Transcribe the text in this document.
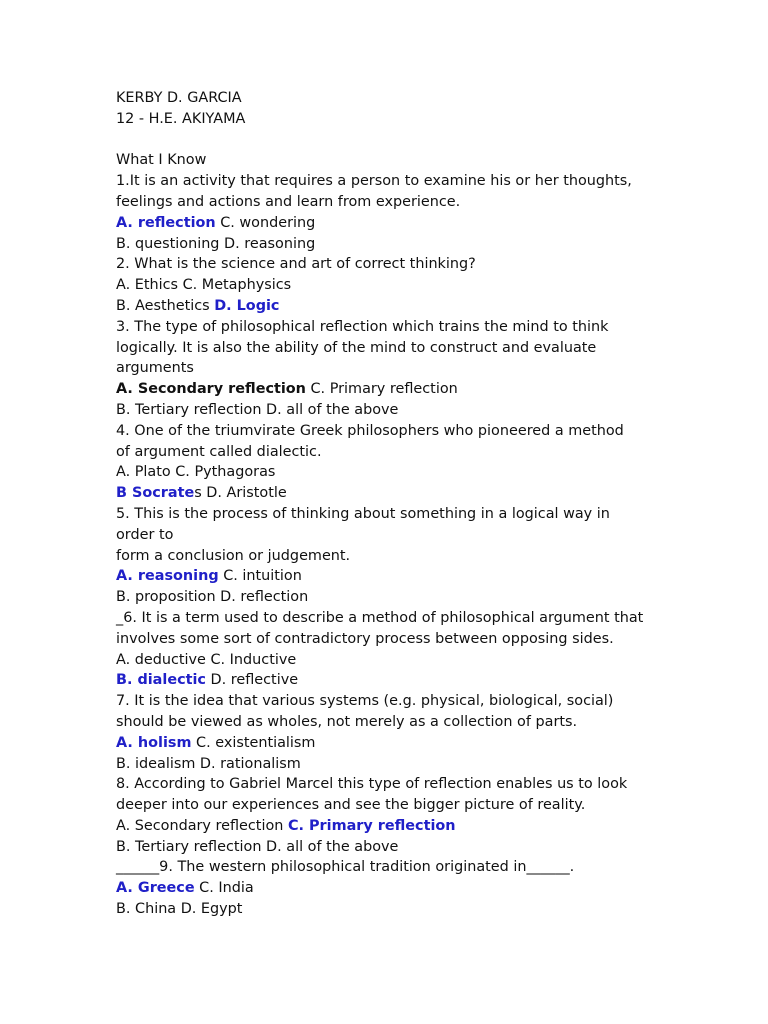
KERBY D. GARCIA
12 - H.E. AKIYAMA
What I Know
1.It is an activity that requires a person to examine his or her thoughts,
feelings and actions and learn from experience.
A. reflection C. wondering
B. questioning D. reasoning
2. What is the science and art of correct thinking?
A. Ethics C. Metaphysics
B. Aesthetics D. Logic
3. The type of philosophical reflection which trains the mind to think
logically. It is also the ability of the mind to construct and evaluate
arguments
A. Secondary reflection C. Primary reflection
B. Tertiary reflection D. all of the above
4. One of the triumvirate Greek philosophers who pioneered a method
of argument called dialectic.
A. Plato C. Pythagoras
B Socrates D. Aristotle
5. This is the process of thinking about something in a logical way in
order to
form a conclusion or judgement.
A. reasoning C. intuition
B. proposition D. reflection
_6. It is a term used to describe a method of philosophical argument that
involves some sort of contradictory process between opposing sides.
A. deductive C. Inductive
B. dialectic D. reflective
7. It is the idea that various systems (e.g. physical, biological, social)
should be viewed as wholes, not merely as a collection of parts.
A. holism C. existentialism
B. idealism D. rationalism
8. According to Gabriel Marcel this type of reflection enables us to look
deeper into our experiences and see the bigger picture of reality.
A. Secondary reflection C. Primary reflection
B. Tertiary reflection D. all of the above
______9. The western philosophical tradition originated in______.
A. Greece C. India
B. China D. Egypt
